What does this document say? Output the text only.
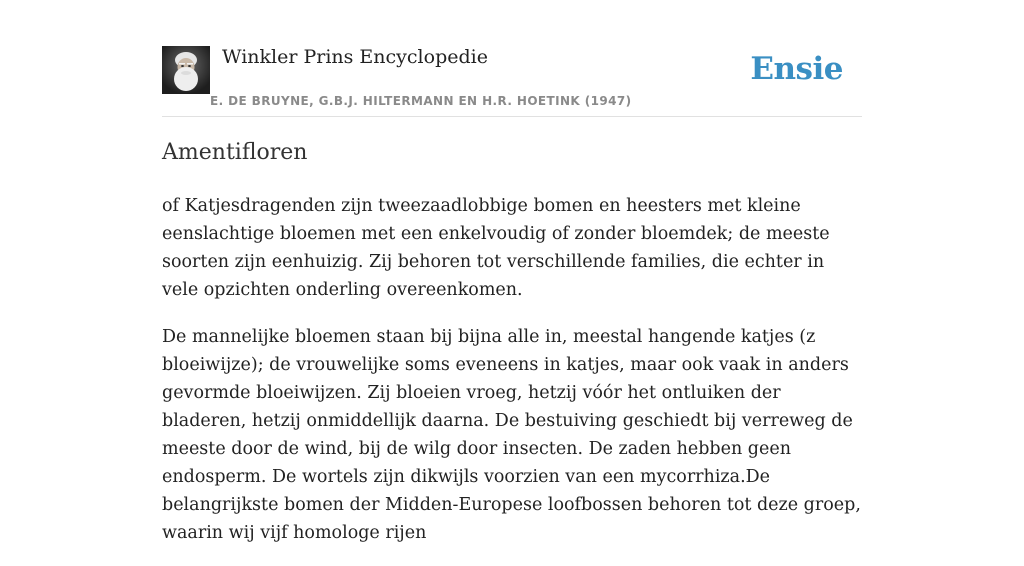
Winkler Prins Encyclopedie
E. DE BRUYNE, G.B.J. HILTERMANN EN H.R. HOETINK (1947)
Ensie
Amentifloren

of Katjesdragenden zijn tweezaadlobbige bomen en heesters met kleine eenslachtige bloemen met een enkelvoudig of zonder bloemdek; de meeste soorten zijn eenhuizig. Zij behoren tot verschillende families, die echter in vele opzichten onderling overeenkomen.

De mannelijke bloemen staan bij bijna alle in, meestal hangende katjes (z bloeiwijze); de vrouwelijke soms eveneens in katjes, maar ook vaak in anders gevormde bloeiwijzen. Zij bloeien vroeg, hetzij vóór het ontluiken der bladeren, hetzij onmiddellijk daarna. De bestuiving geschiedt bij verreweg de meeste door de wind, bij de wilg door insecten. De zaden hebben geen endosperm. De wortels zijn dikwijls voorzien van een mycorrhiza.De belangrijkste bomen der Midden-Europese loofbossen behoren tot deze groep, waarin wij vijf homologe rijen
